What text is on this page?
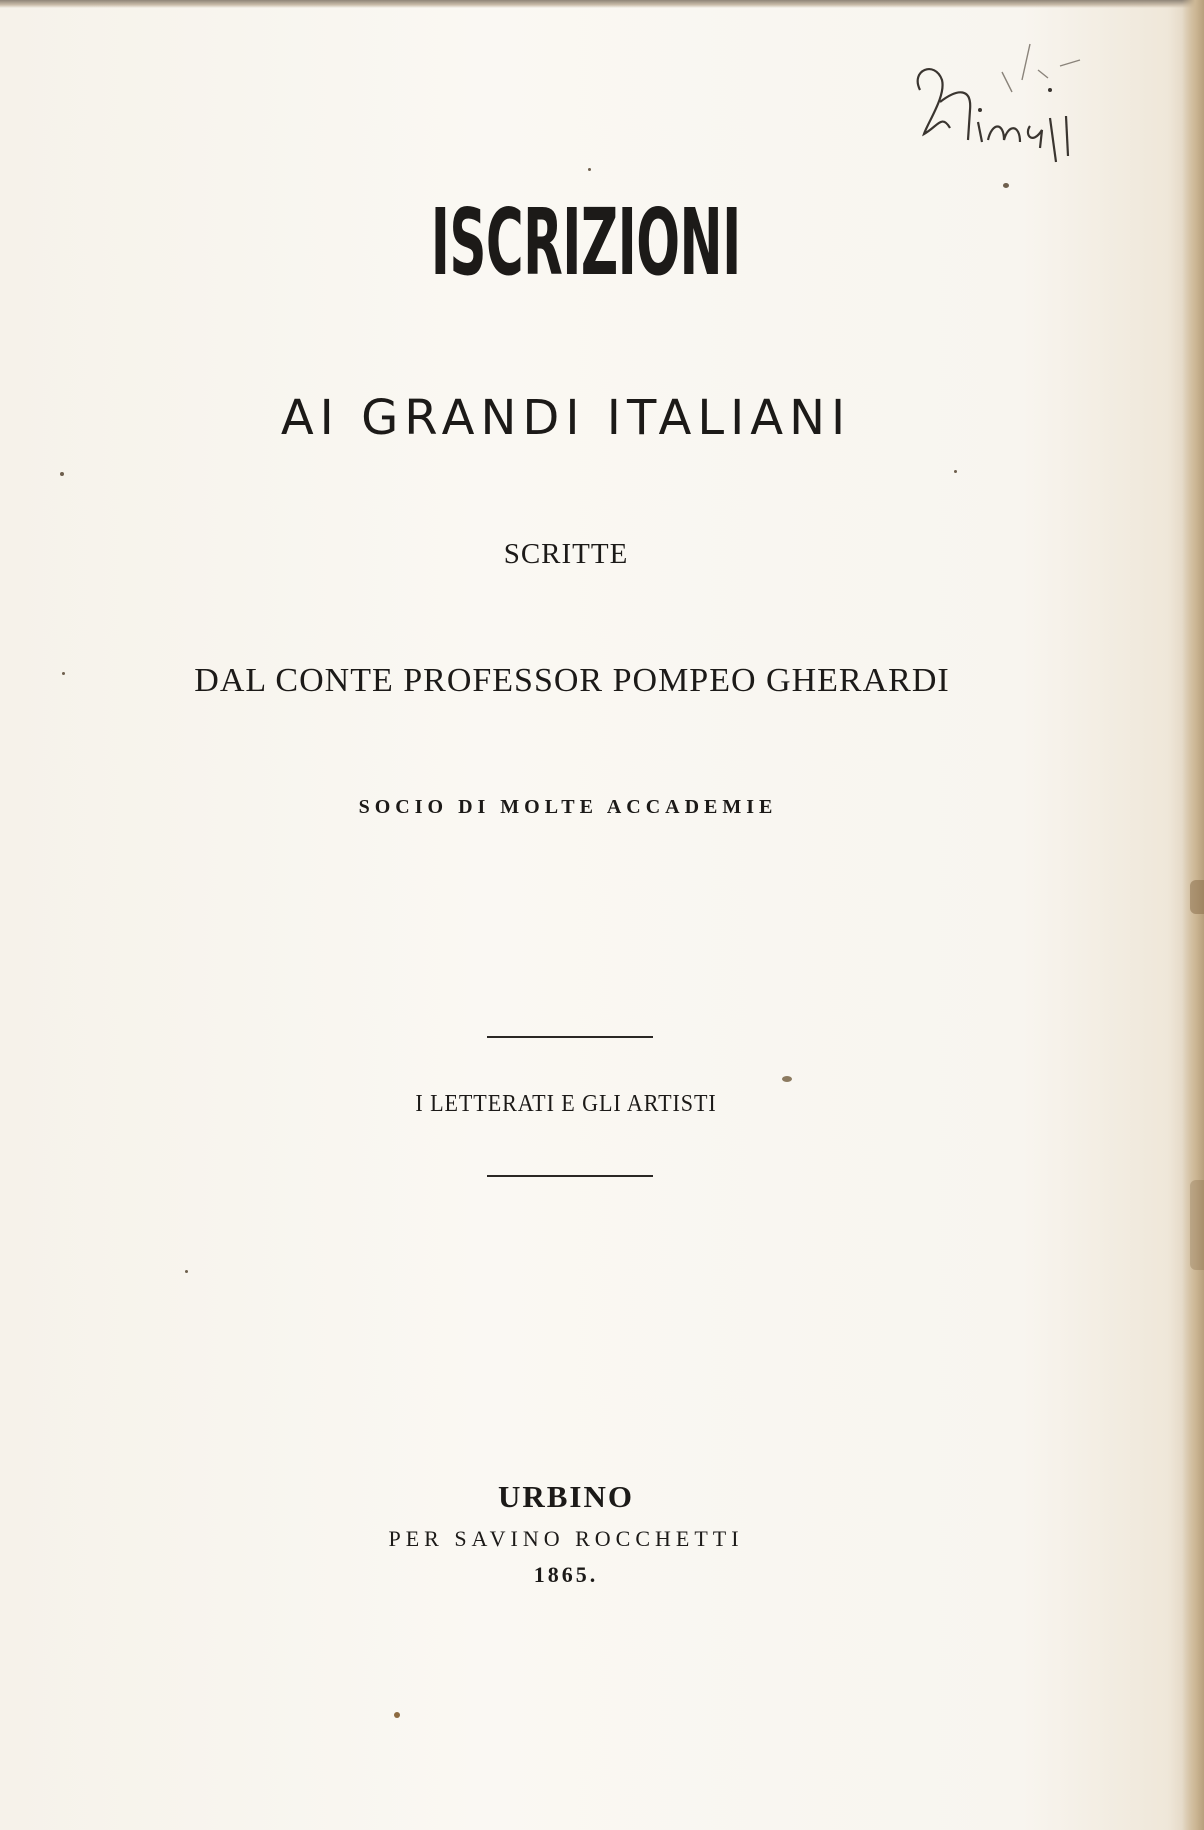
ISCRIZIONI
AI GRANDI ITALIANI
SCRITTE
DAL CONTE PROFESSOR POMPEO GHERARDI
SOCIO DI MOLTE ACCADEMIE
I LETTERATI E GLI ARTISTI
URBINO
PER SAVINO ROCCHETTI
1865.
